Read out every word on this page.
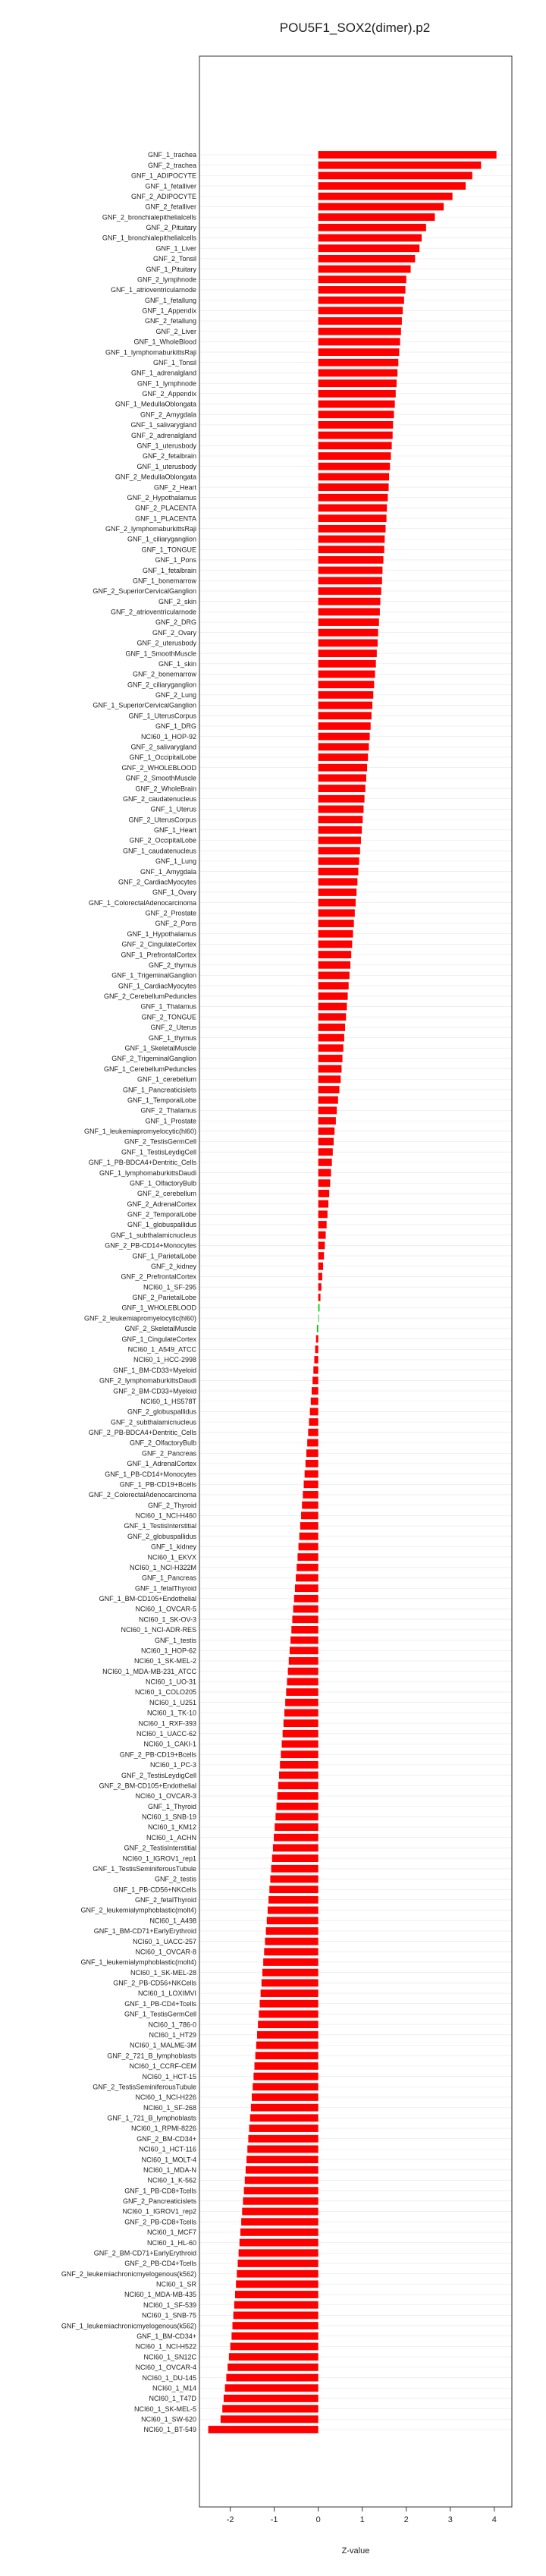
POU5F1_SOX2(dimer).p2
GNF_1_trachea
GNF_2_trachea
GNF_1_ADIPOCYTE
GNF_1_fetalliver
GNF_2_ADIPOCYTE
GNF_2_fetalliver
GNF_2_bronchialepithelialcells
GNF_2_Pituitary
GNF_1_bronchialepithelialcells
GNF_1_Liver
GNF_2_Tonsil
GNF_1_Pituitary
GNF_2_lymphnode
GNF_1_atrioventricularnode
GNF_1_fetallung
GNF_1_Appendix
GNF_2_fetallung
GNF_2_Liver
GNF_1_WholeBlood
GNF_1_lymphomaburkittsRaji
GNF_1_Tonsil
GNF_1_adrenalgland
GNF_1_lymphnode
GNF_2_Appendix
GNF_1_MedullaOblongata
GNF_2_Amygdala
GNF_1_salivarygland
GNF_2_adrenalgland
GNF_1_uterusbody
GNF_2_fetalbrain
GNF_1_uterusbody
GNF_2_MedullaOblongata
GNF_2_Heart
GNF_2_Hypothalamus
GNF_2_PLACENTA
GNF_1_PLACENTA
GNF_2_lymphomaburkittsRaji
GNF_1_ciliaryganglion
GNF_1_TONGUE
GNF_1_Pons
GNF_1_fetalbrain
GNF_1_bonemarrow
GNF_2_SuperiorCervicalGanglion
GNF_2_skin
GNF_2_atrioventricularnode
GNF_2_DRG
GNF_2_Ovary
GNF_2_uterusbody
GNF_1_SmoothMuscle
GNF_1_skin
GNF_2_bonemarrow
GNF_2_ciliaryganglion
GNF_2_Lung
GNF_1_SuperiorCervicalGanglion
GNF_1_UterusCorpus
GNF_1_DRG
NCI60_1_HOP-92
GNF_2_salivarygland
GNF_1_OccipitalLobe
GNF_2_WHOLEBLOOD
GNF_2_SmoothMuscle
GNF_2_WholeBrain
GNF_2_caudatenucleus
GNF_1_Uterus
GNF_2_UterusCorpus
GNF_1_Heart
GNF_2_OccipitalLobe
GNF_1_caudatenucleus
GNF_1_Lung
GNF_1_Amygdala
GNF_2_CardiacMyocytes
GNF_1_Ovary
GNF_1_ColorectalAdenocarcinoma
GNF_2_Prostate
GNF_2_Pons
GNF_1_Hypothalamus
GNF_2_CingulateCortex
GNF_1_PrefrontalCortex
GNF_2_thymus
GNF_1_TrigeminalGanglion
GNF_1_CardiacMyocytes
GNF_2_CerebellumPeduncles
GNF_1_Thalamus
GNF_2_TONGUE
GNF_2_Uterus
GNF_1_thymus
GNF_1_SkeletalMuscle
GNF_2_TrigeminalGanglion
GNF_1_CerebellumPeduncles
GNF_1_cerebellum
GNF_1_Pancreaticislets
GNF_1_TemporalLobe
GNF_2_Thalamus
GNF_1_Prostate
GNF_1_leukemiapromyelocytic(hl60)
GNF_2_TestisGermCell
GNF_1_TestisLeydigCell
GNF_1_PB-BDCA4+Dentritic_Cells
GNF_1_lymphomaburkittsDaudi
GNF_1_OlfactoryBulb
GNF_2_cerebellum
GNF_2_AdrenalCortex
GNF_2_TemporalLobe
GNF_1_globuspallidus
GNF_1_subthalamicnucleus
GNF_2_PB-CD14+Monocytes
GNF_1_ParietalLobe
GNF_2_kidney
GNF_2_PrefrontalCortex
NCI60_1_SF-295
GNF_2_ParietalLobe
GNF_1_WHOLEBLOOD
GNF_2_leukemiapromyelocytic(hl60)
GNF_2_SkeletalMuscle
GNF_1_CingulateCortex
NCI60_1_A549_ATCC
NCI60_1_HCC-2998
GNF_1_BM-CD33+Myeloid
GNF_2_lymphomaburkittsDaudi
GNF_2_BM-CD33+Myeloid
NCI60_1_HS578T
GNF_2_globuspallidus
GNF_2_subthalamicnucleus
GNF_2_PB-BDCA4+Dentritic_Cells
GNF_2_OlfactoryBulb
GNF_2_Pancreas
GNF_1_AdrenalCortex
GNF_1_PB-CD14+Monocytes
GNF_1_PB-CD19+Bcells
GNF_2_ColorectalAdenocarcinoma
GNF_2_Thyroid
NCI60_1_NCI-H460
GNF_1_TestisInterstitial
GNF_2_globuspallidus
GNF_1_kidney
NCI60_1_EKVX
NCI60_1_NCI-H322M
GNF_1_Pancreas
GNF_1_fetalThyroid
GNF_1_BM-CD105+Endothelial
NCI60_1_OVCAR-5
NCI60_1_SK-OV-3
NCI60_1_NCI-ADR-RES
GNF_1_testis
NCI60_1_HOP-62
NCI60_1_SK-MEL-2
NCI60_1_MDA-MB-231_ATCC
NCI60_1_UO-31
NCI60_1_COLO205
NCI60_1_U251
NCI60_1_TK-10
NCI60_1_RXF-393
NCI60_1_UACC-62
NCI60_1_CAKI-1
GNF_2_PB-CD19+Bcells
NCI60_1_PC-3
GNF_2_TestisLeydigCell
GNF_2_BM-CD105+Endothelial
NCI60_1_OVCAR-3
GNF_1_Thyroid
NCI60_1_SNB-19
NCI60_1_KM12
NCI60_1_ACHN
GNF_2_TestisInterstitial
NCI60_1_IGROV1_rep1
GNF_1_TestisSeminiferousTubule
GNF_2_testis
GNF_1_PB-CD56+NKCells
GNF_2_fetalThyroid
GNF_2_leukemialymphoblastic(molt4)
NCI60_1_A498
GNF_1_BM-CD71+EarlyErythroid
NCI60_1_UACC-257
NCI60_1_OVCAR-8
GNF_1_leukemialymphoblastic(molt4)
NCI60_1_SK-MEL-28
GNF_2_PB-CD56+NKCells
NCI60_1_LOXIMVI
GNF_1_PB-CD4+Tcells
GNF_1_TestisGermCell
NCI60_1_786-0
NCI60_1_HT29
NCI60_1_MALME-3M
GNF_2_721_B_lymphoblasts
NCI60_1_CCRF-CEM
NCI60_1_HCT-15
GNF_2_TestisSeminiferousTubule
NCI60_1_NCI-H226
NCI60_1_SF-268
GNF_1_721_B_lymphoblasts
NCI60_1_RPMI-8226
GNF_2_BM-CD34+
NCI60_1_HCT-116
NCI60_1_MOLT-4
NCI60_1_MDA-N
NCI60_1_K-562
GNF_1_PB-CD8+Tcells
GNF_2_Pancreaticislets
NCI60_1_IGROV1_rep2
GNF_2_PB-CD8+Tcells
NCI60_1_MCF7
NCI60_1_HL-60
GNF_2_BM-CD71+EarlyErythroid
GNF_2_PB-CD4+Tcells
GNF_2_leukemiachronicmyelogenous(k562)
NCI60_1_SR
NCI60_1_MDA-MB-435
NCI60_1_SF-539
NCI60_1_SNB-75
GNF_1_leukemiachronicmyelogenous(k562)
GNF_1_BM-CD34+
NCI60_1_NCI-H522
NCI60_1_SN12C
NCI60_1_OVCAR-4
NCI60_1_DU-145
NCI60_1_M14
NCI60_1_T47D
NCI60_1_SK-MEL-5
NCI60_1_SW-620
NCI60_1_BT-549
-2	-1	0	1	2	3	4
Z-value
